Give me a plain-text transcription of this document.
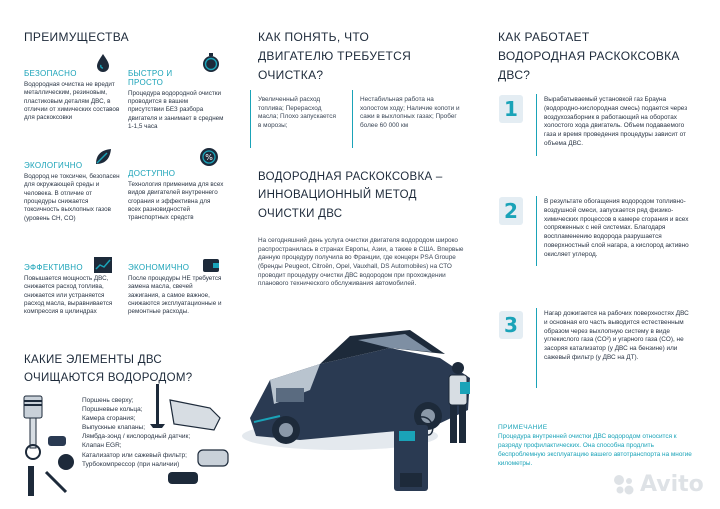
ПРЕИМУЩЕСТВА
БЕЗОПАСНО
Водородная очистка не вредит металлическим, резиновым, пластиковым деталям ДВС, в отличии от химических составов для раскоксовки
БЫСТРО И ПРОСТО
Процедура водородной очистки проводится в вашем присутствии БЕЗ разбора двигателя и занимает в среднем 1-1,5 часа
ЭКОЛОГИЧНО
Водород не токсичен, безопасен для окружающей среды и человека. В отличие от процедуры снижается токсичность выхлопных газов (уровень CH, CO)
%
ДОСТУПНО
Технология применима для всех видов двигателей внутреннего сгорания и эффективна для всех разновидностей транспортных средств
ЭФФЕКТИВНО
Повышается мощность ДВС, снижается расход топлива, снижается или устраняется расход масла, выравнивается компрессия в цилиндрах
ЭКОНОМИЧНО
После процедуры НЕ требуется замена масла, свечей зажигания, а самое важное, снижаются эксплуатационные и ремонтные расходы.
КАКИЕ ЭЛЕМЕНТЫ ДВС
ОЧИЩАЮТСЯ ВОДОРОДОМ?
Поршень сверху;
Поршневые кольца;
Камера сгорания;
Выпускные клапаны;
Лямбда-зонд / кислородный датчик;
Клапан EGR;
Катализатор или сажевый фильтр;
Турбокомпрессор (при наличии)
КАК ПОНЯТЬ, ЧТО
ДВИГАТЕЛЮ ТРЕБУЕТСЯ
ОЧИСТКА?
Увеличенный расход топлива; Перерасход масла; Плохо запускается в морозы;
Нестабильная работа на холостом ходу; Наличие копоти и сажи в выхлопных газах; Пробег более 60 000 км
ВОДОРОДНАЯ РАСКОКСОВКА –
ИННОВАЦИОННЫЙ МЕТОД
ОЧИСТКИ ДВС
На сегодняшний день услуга очистки двигателя водородом широко распространилась в странах Европы, Азии, а также в США. Впервые данную процедуру получила во Франции, где концерн PSA Groupe (бренды Peugeot, Citroën, Opel, Vauxhall, DS Automobiles) на СТО проводит процедуру очистки ДВС водородом при прохождении планового технического обслуживания автомобилей.
КАК РАБОТАЕТ
ВОДОРОДНАЯ РАСКОКСОВКА
ДВС?
1	Вырабатываемый установкой газ Брауна (водородно-кислородная смесь) подается через воздухозаборник в работающий на оборотах холостого хода двигатель. Объем подаваемого газа и время проведения процедуры зависит от объема ДВС.
2	В результате обогащения водородом топливно-воздушной смеси, запускается ряд физико-химических процессов в камере сгорания и всех сопряженных с ней системах. Благодаря воспламенению водорода разрушается поверхностный слой нагара, а кислород активно окисляет углерод.
3	Нагар дожигается на рабочих поверхностях ДВС и основная его часть выводится естественным образом через выхлопную систему в виде углекислого газа (CO²) и угарного газа (CO), не засоряя катализатор (у ДВС на бензине) или сажевый фильтр (у ДВС на ДТ).
ПРИМЕЧАНИЕ
Процедура внутренней очистки ДВС водородом относится к разряду профилактических. Она способна продлить беспроблемную эксплуатацию вашего автотранспорта на многие километры.
Avito
